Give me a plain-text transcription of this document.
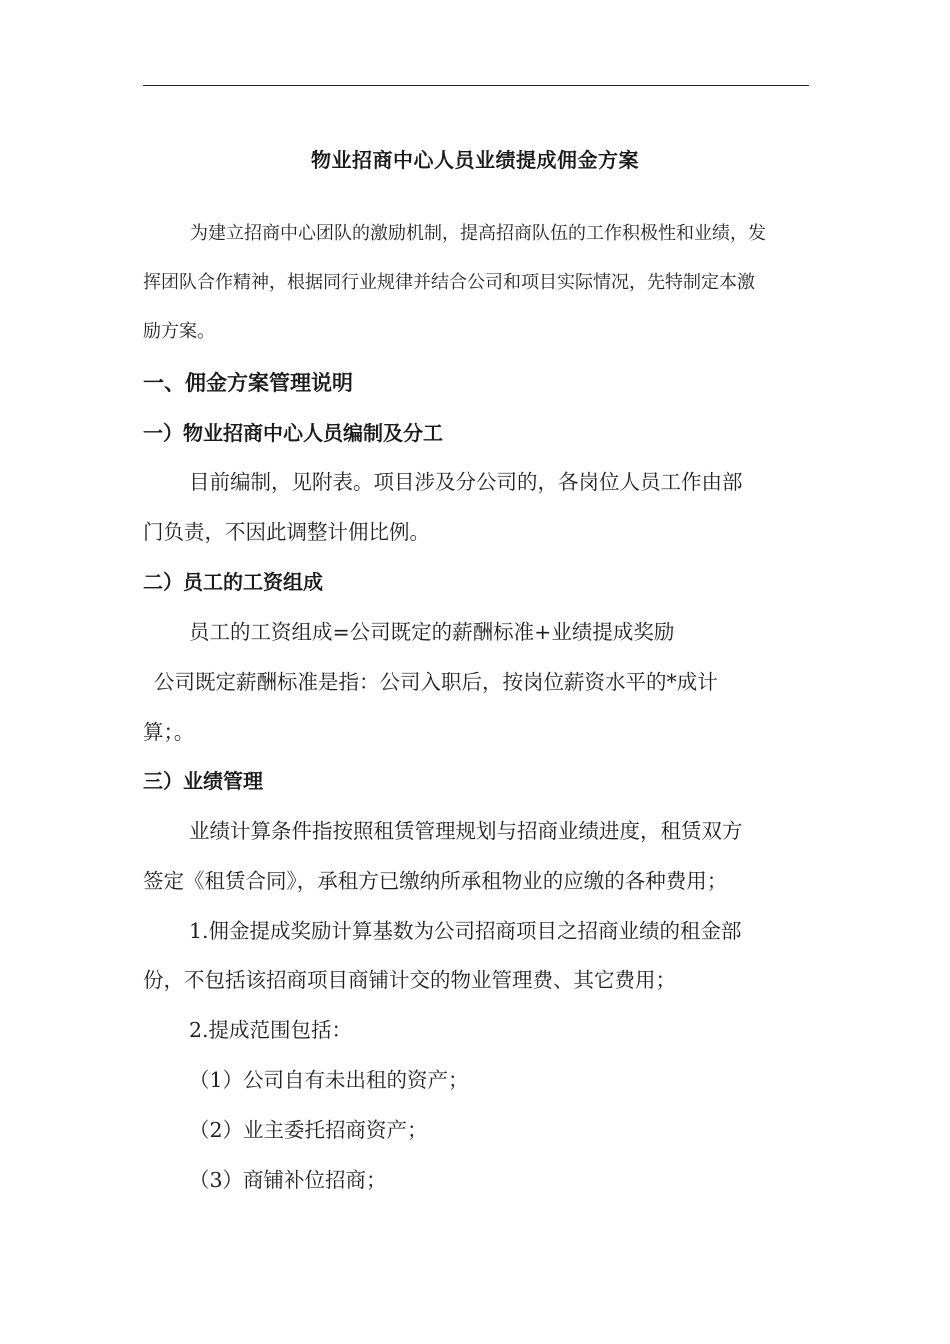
物业招商中心人员业绩提成佣金方案
为建立招商中心团队的激励机制，提高招商队伍的工作积极性和业绩，发
挥团队合作精神，根据同行业规律并结合公司和项目实际情况，先特制定本激
励方案。
一、佣金方案管理说明
一）物业招商中心人员编制及分工
目前编制，见附表。项目涉及分公司的，各岗位人员工作由部
门负责，不因此调整计佣比例。
二）员工的工资组成
员工的工资组成=公司既定的薪酬标准+业绩提成奖励
公司既定薪酬标准是指：公司入职后，按岗位薪资水平的*成计
算；。
三）业绩管理
业绩计算条件指按照租赁管理规划与招商业绩进度，租赁双方
签定《租赁合同》，承租方已缴纳所承租物业的应缴的各种费用；
1.佣金提成奖励计算基数为公司招商项目之招商业绩的租金部
份，不包括该招商项目商铺计交的物业管理费、其它费用；
2.提成范围包括：
（1）公司自有未出租的资产；
（2）业主委托招商资产；
（3）商铺补位招商；
